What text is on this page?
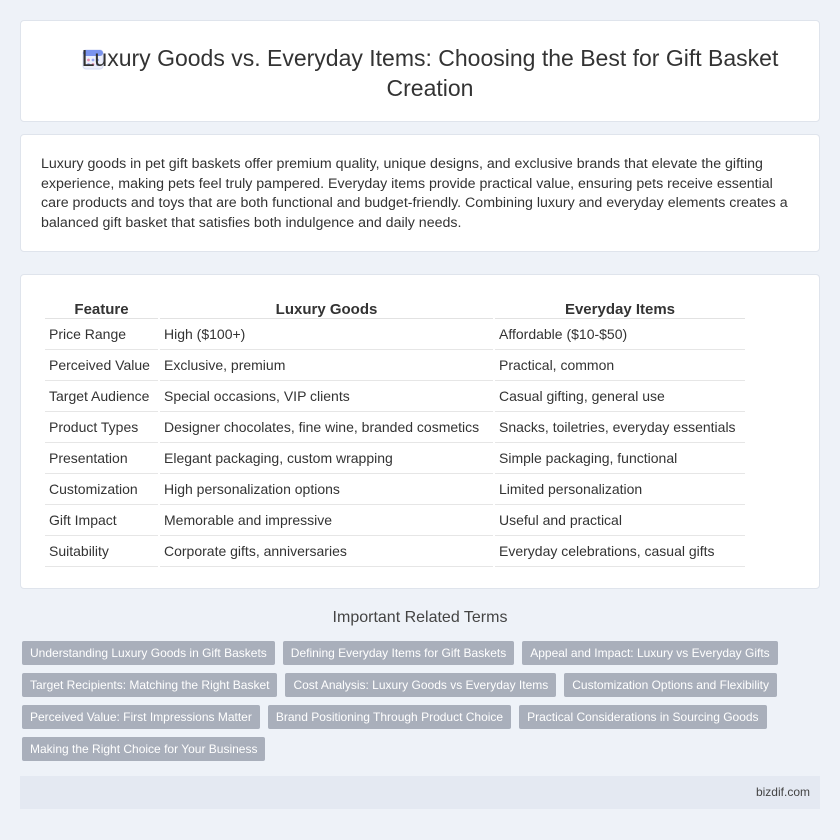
Luxury Goods vs. Everyday Items: Choosing the Best for Gift Basket Creation

Luxury goods in pet gift baskets offer premium quality, unique designs, and exclusive brands that elevate the gifting experience, making pets feel truly pampered. Everyday items provide practical value, ensuring pets receive essential care products and toys that are both functional and budget-friendly. Combining luxury and everyday elements creates a balanced gift basket that satisfies both indulgence and daily needs.

Feature	Luxury Goods	Everyday Items
Price Range	High ($100+)	Affordable ($10-$50)
Perceived Value	Exclusive, premium	Practical, common
Target Audience	Special occasions, VIP clients	Casual gifting, general use
Product Types	Designer chocolates, fine wine, branded cosmetics	Snacks, toiletries, everyday essentials
Presentation	Elegant packaging, custom wrapping	Simple packaging, functional
Customization	High personalization options	Limited personalization
Gift Impact	Memorable and impressive	Useful and practical
Suitability	Corporate gifts, anniversaries	Everyday celebrations, casual gifts
Important Related Terms
Understanding Luxury Goods in Gift Baskets	Defining Everyday Items for Gift Baskets	Appeal and Impact: Luxury vs Everyday Gifts
Target Recipients: Matching the Right Basket	Cost Analysis: Luxury Goods vs Everyday Items	Customization Options and Flexibility
Perceived Value: First Impressions Matter	Brand Positioning Through Product Choice	Practical Considerations in Sourcing Goods
Making the Right Choice for Your Business
bizdif.com
